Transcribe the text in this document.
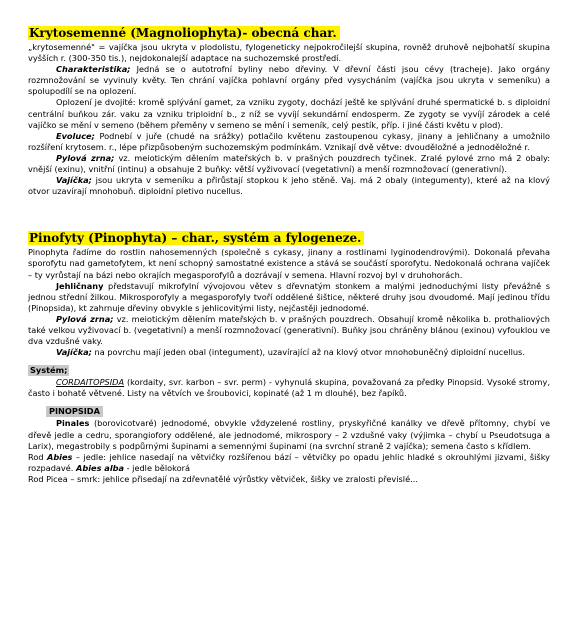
Krytosemenné (Magnoliophyta)- obecná char.

„krytosemenné" = vajíčka jsou ukryta v plodolistu, fylogeneticky nejpokročilejší skupina, rovněž druhově nejbohatší skupina vyšších r. (300-350 tis.), nejdokonalejší adaptace na suchozemské prostředí.

Charakteristika; Jedná se o autotrofní byliny nebo dřeviny. V dřevní části jsou cévy (tracheje). Jako orgány rozmnožování se vyvinuly květy. Ten chrání vajíčka pohlavní orgány před vysycháním (vajíčka jsou ukryta v semeníku) a spolupodílí se na oplození.

Oplození je dvojité: kromě splývání gamet, za vzniku zygoty, dochází ještě ke splývání druhé spermatické b. s diploidní centrální buňkou zár. vaku za vzniku triploidní b., z níž se vyvíjí sekundární endosperm. Ze zygoty se vyvíjí zárodek a celé vajíčko se mění v semeno (během přeměny v semeno se mění i semeník, celý pestík, příp. i jiné části květu v plod).

Evoluce; Podnebí v juře (chudé na srážky) potlačilo květenu zastoupenou cykasy, jinany a jehličnany a umožnilo rozšíření krytosem. r., lépe přizpůsobeným suchozemským podmínkám. Vznikají dvě větve: dvouděložné a jednoděložné r.

Pylová zrna; vz. meiotickým dělením mateřských b. v prašných pouzdrech tyčinek. Zralé pylové zrno má 2 obaly: vnější (exinu), vnitřní (intinu) a obsahuje 2 buňky: větší vyživovací (vegetativní) a menší rozmnožovací (generativní).

Vajíčka; jsou ukryta v semeníku a přirůstají stopkou k jeho stěně. Vaj. má 2 obaly (integumenty), které až na klový otvor uzavírají mnohobuň. diploidní pletivo nucellus.

Pinofyty (Pinophyta) – char., systém a fylogeneze.

Pinophyta řadíme do rostlin nahosemenných (společně s cykasy, jinany a rostlinami lyginodendrovými). Dokonalá převaha sporofytu nad gametofytem, kt není schopný samostatné existence a stává se součástí sporofytu. Nedokonalá ochrana vajíček – ty vyrůstají na bázi nebo okrajích megasporofylů a dozrávají v semena. Hlavní rozvoj byl v druhohorách.

Jehličnany představují mikrofylní vývojovou větev s dřevnatým stonkem a malými jednoduchými listy převážně s jednou střední žilkou. Mikrosporofyly a megasporofyly tvoří oddělené šištice, některé druhy jsou dvoudomé. Mají jedinou třídu (Pinopsida), kt zahrnuje dřeviny obvykle s jehlicovitými listy, nejčastěji jednodomé.

Pylová zrna; vz. meiotickým dělením mateřských b. v prašných pouzdrech. Obsahují kromě několika b. prothaliových také velkou vyživovací b. (vegetativní) a menší rozmnožovací (generativní). Buňky jsou chráněny blánou (exinou) vyfouklou ve dva vzdušné vaky.

Vajíčka; na povrchu mají jeden obal (integument), uzavírající až na klový otvor mnohobuněčný diploidní nucellus.

Systém;

CORDAITOPSIDA (kordaity, svr. karbon – svr. perm) - vyhynulá skupina, považovaná za předky Pinopsid. Vysoké stromy, často i bohatě větvené. Listy na větvích ve šroubovici, kopinaté (až 1 m dlouhé), bez řapíků.

PINOPSIDA

Pinales (borovicotvaré) jednodomé, obvykle vždyzelené rostliny, pryskyřičné kanálky ve dřevě přítomny, chybí ve dřevě jedle a cedru, sporangiofory oddělené, ale jednodomé, mikrospory – 2 vzdušné vaky (výjimka – chybí u Pseudotsuga a Larix), megastrobily s podpůrnými šupinami a semennými šupinami (na svrchní straně 2 vajíčka); semena často s křídlem.

Rod Abies – jedle: jehlice nasedají na větvičky rozšířenou bází – větvičky po opadu jehlic hladké s okrouhlými jizvami, šišky rozpadavé. Abies alba - jedle bělokorá

Rod Picea – smrk: jehlice přisedají na zdřevnatělé výrůstky větviček, šišky ve zralosti převislé...
